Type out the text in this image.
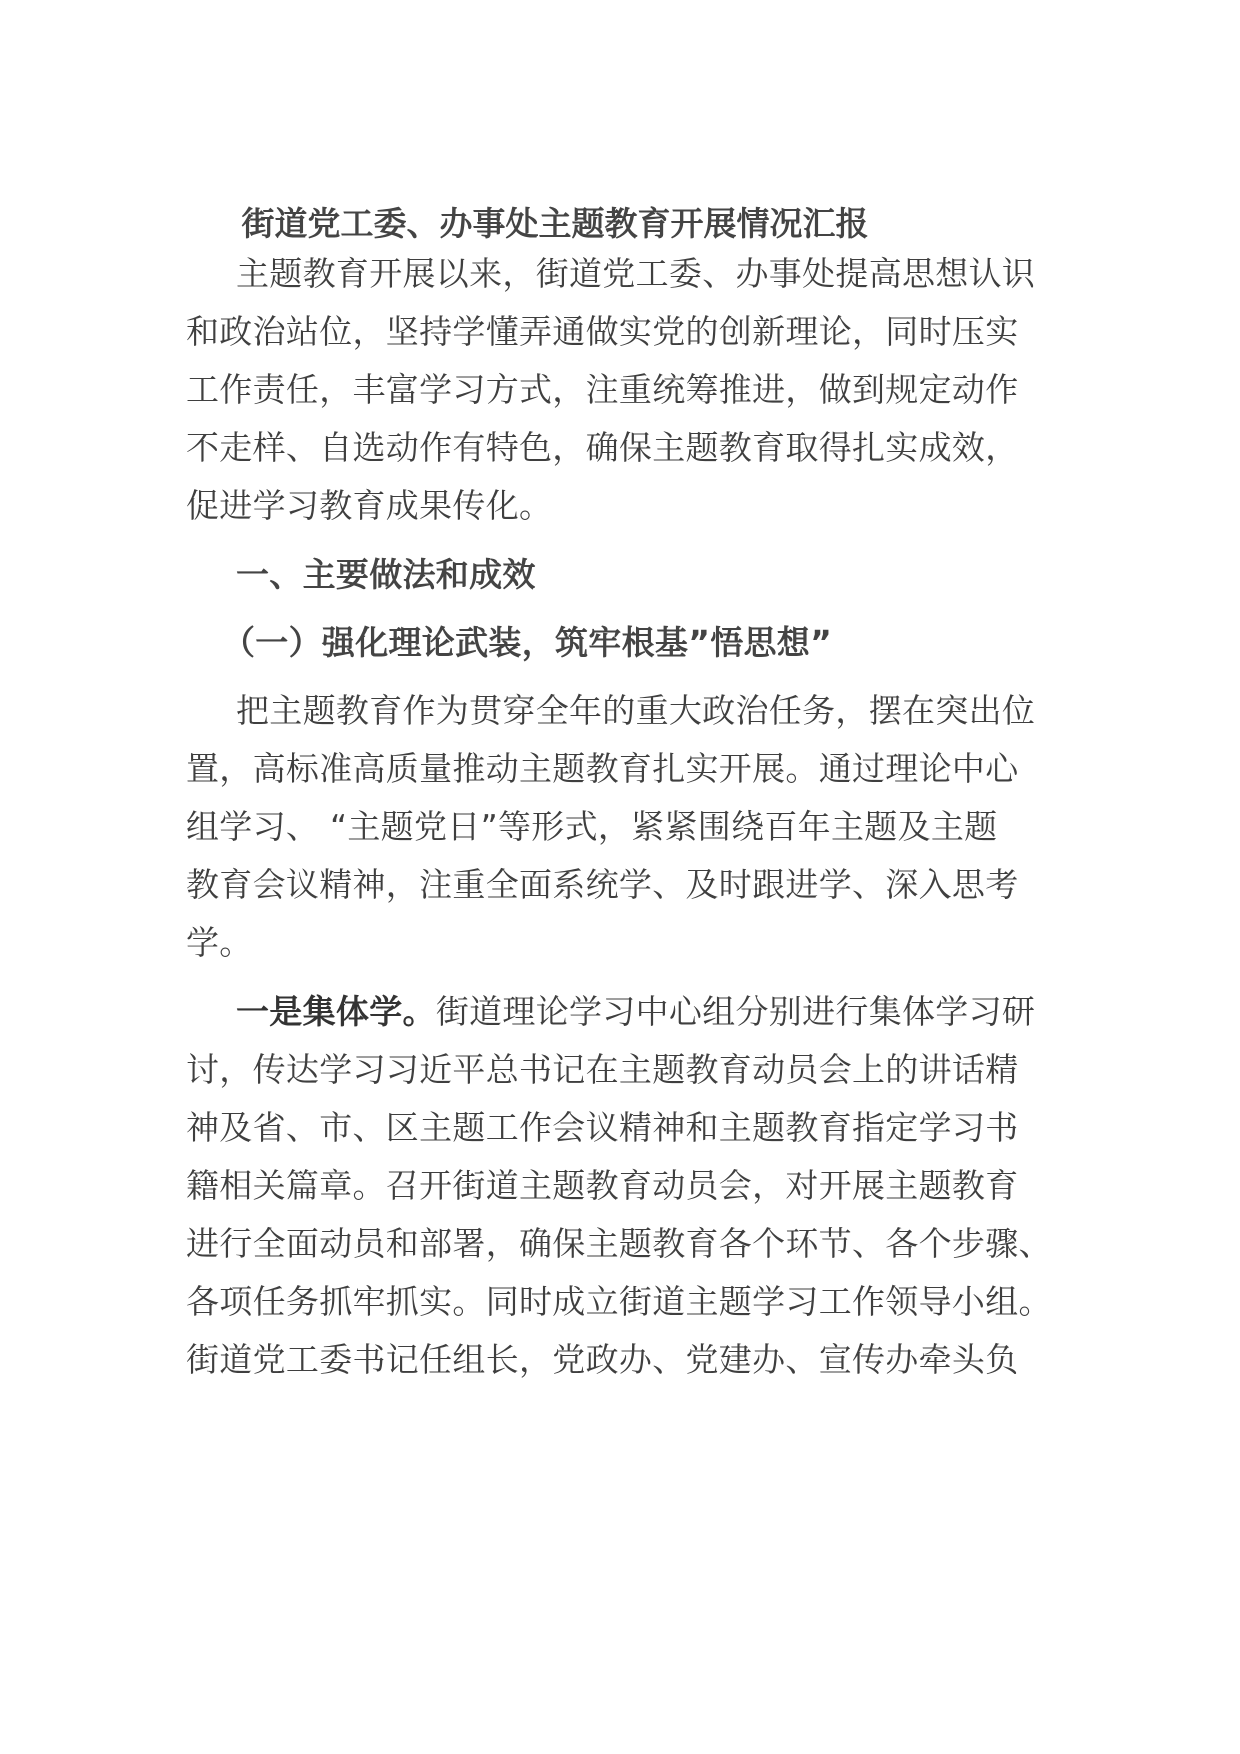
街道党工委、办事处主题教育开展情况汇报
主题教育开展以来，街道党工委、办事处提高思想认识
和政治站位，坚持学懂弄通做实党的创新理论，同时压实
工作责任，丰富学习方式，注重统筹推进，做到规定动作
不走样、自选动作有特色，确保主题教育取得扎实成效，
促进学习教育成果传化。
一、主要做法和成效
（一）强化理论武装，筑牢根基”悟思想”
把主题教育作为贯穿全年的重大政治任务，摆在突出位
置，高标准高质量推动主题教育扎实开展。通过理论中心
组学习、 “主题党日”等形式，紧紧围绕百年主题及主题
教育会议精神，注重全面系统学、及时跟进学、深入思考
学。
一是集体学。街道理论学习中心组分别进行集体学习研
讨，传达学习习近平总书记在主题教育动员会上的讲话精
神及省、市、区主题工作会议精神和主题教育指定学习书
籍相关篇章。召开街道主题教育动员会，对开展主题教育
进行全面动员和部署，确保主题教育各个环节、各个步骤、
各项任务抓牢抓实。同时成立街道主题学习工作领导小组。
街道党工委书记任组长，党政办、党建办、宣传办牵头负
